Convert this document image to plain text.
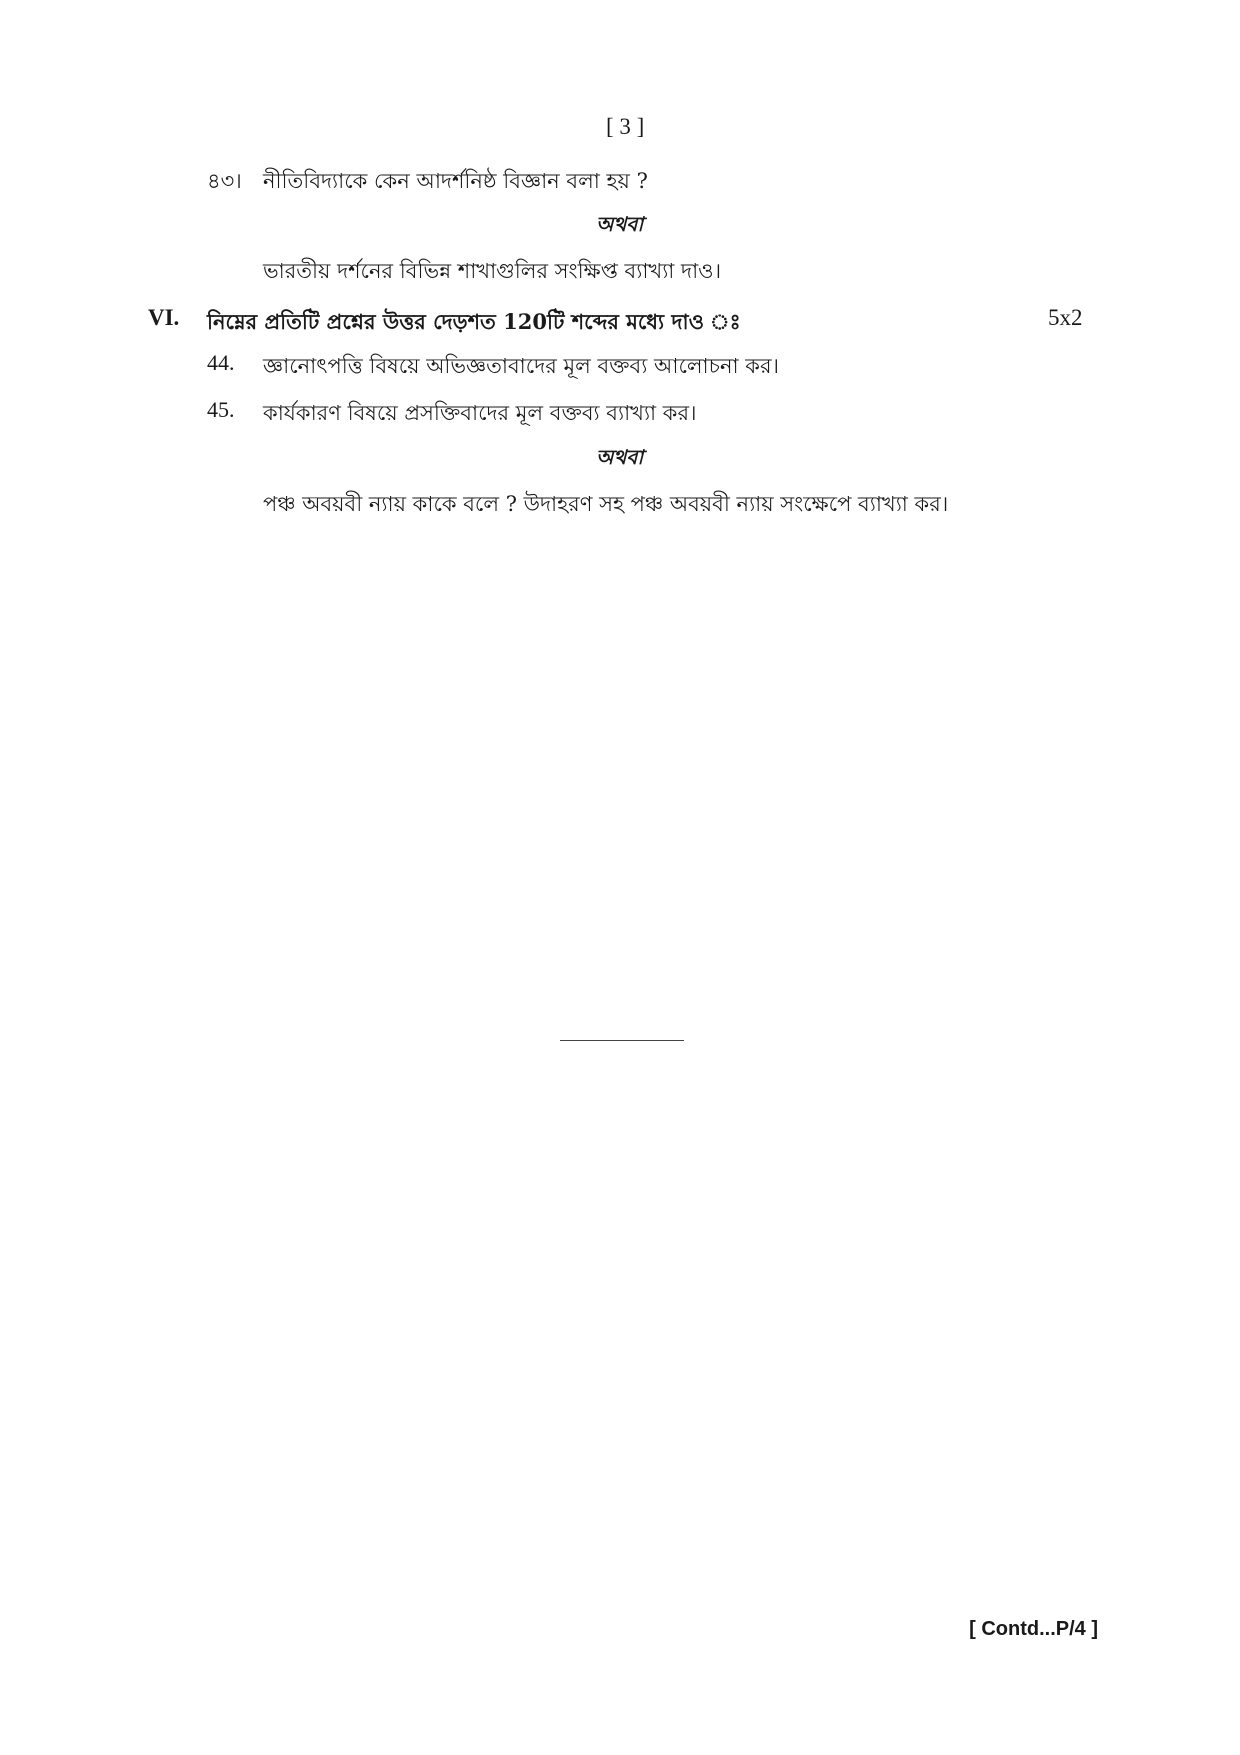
[ 3 ]
৪৩। নীতিবিদ্যাকে কেন আদর্শনিষ্ঠ বিজ্ঞান বলা হয় ?
অথবা
ভারতীয় দর্শনের বিভিন্ন শাখাগুলির সংক্ষিপ্ত ব্যাখ্যা দাও।
VI. নিম্নের প্রতিটি প্রশ্নের উত্তর দেড়শত 120টি শব্দের মধ্যে দাও ঃ	5x2
44. জ্ঞানোৎপত্তি বিষয়ে অভিজ্ঞতাবাদের মূল বক্তব্য আলোচনা কর।
45. কার্যকারণ বিষয়ে প্রসক্তিবাদের মূল বক্তব্য ব্যাখ্যা কর।
অথবা
পঞ্চ অবয়বী ন্যায় কাকে বলে ? উদাহরণ সহ পঞ্চ অবয়বী ন্যায় সংক্ষেপে ব্যাখ্যা কর।
[ Contd...P/4 ]
